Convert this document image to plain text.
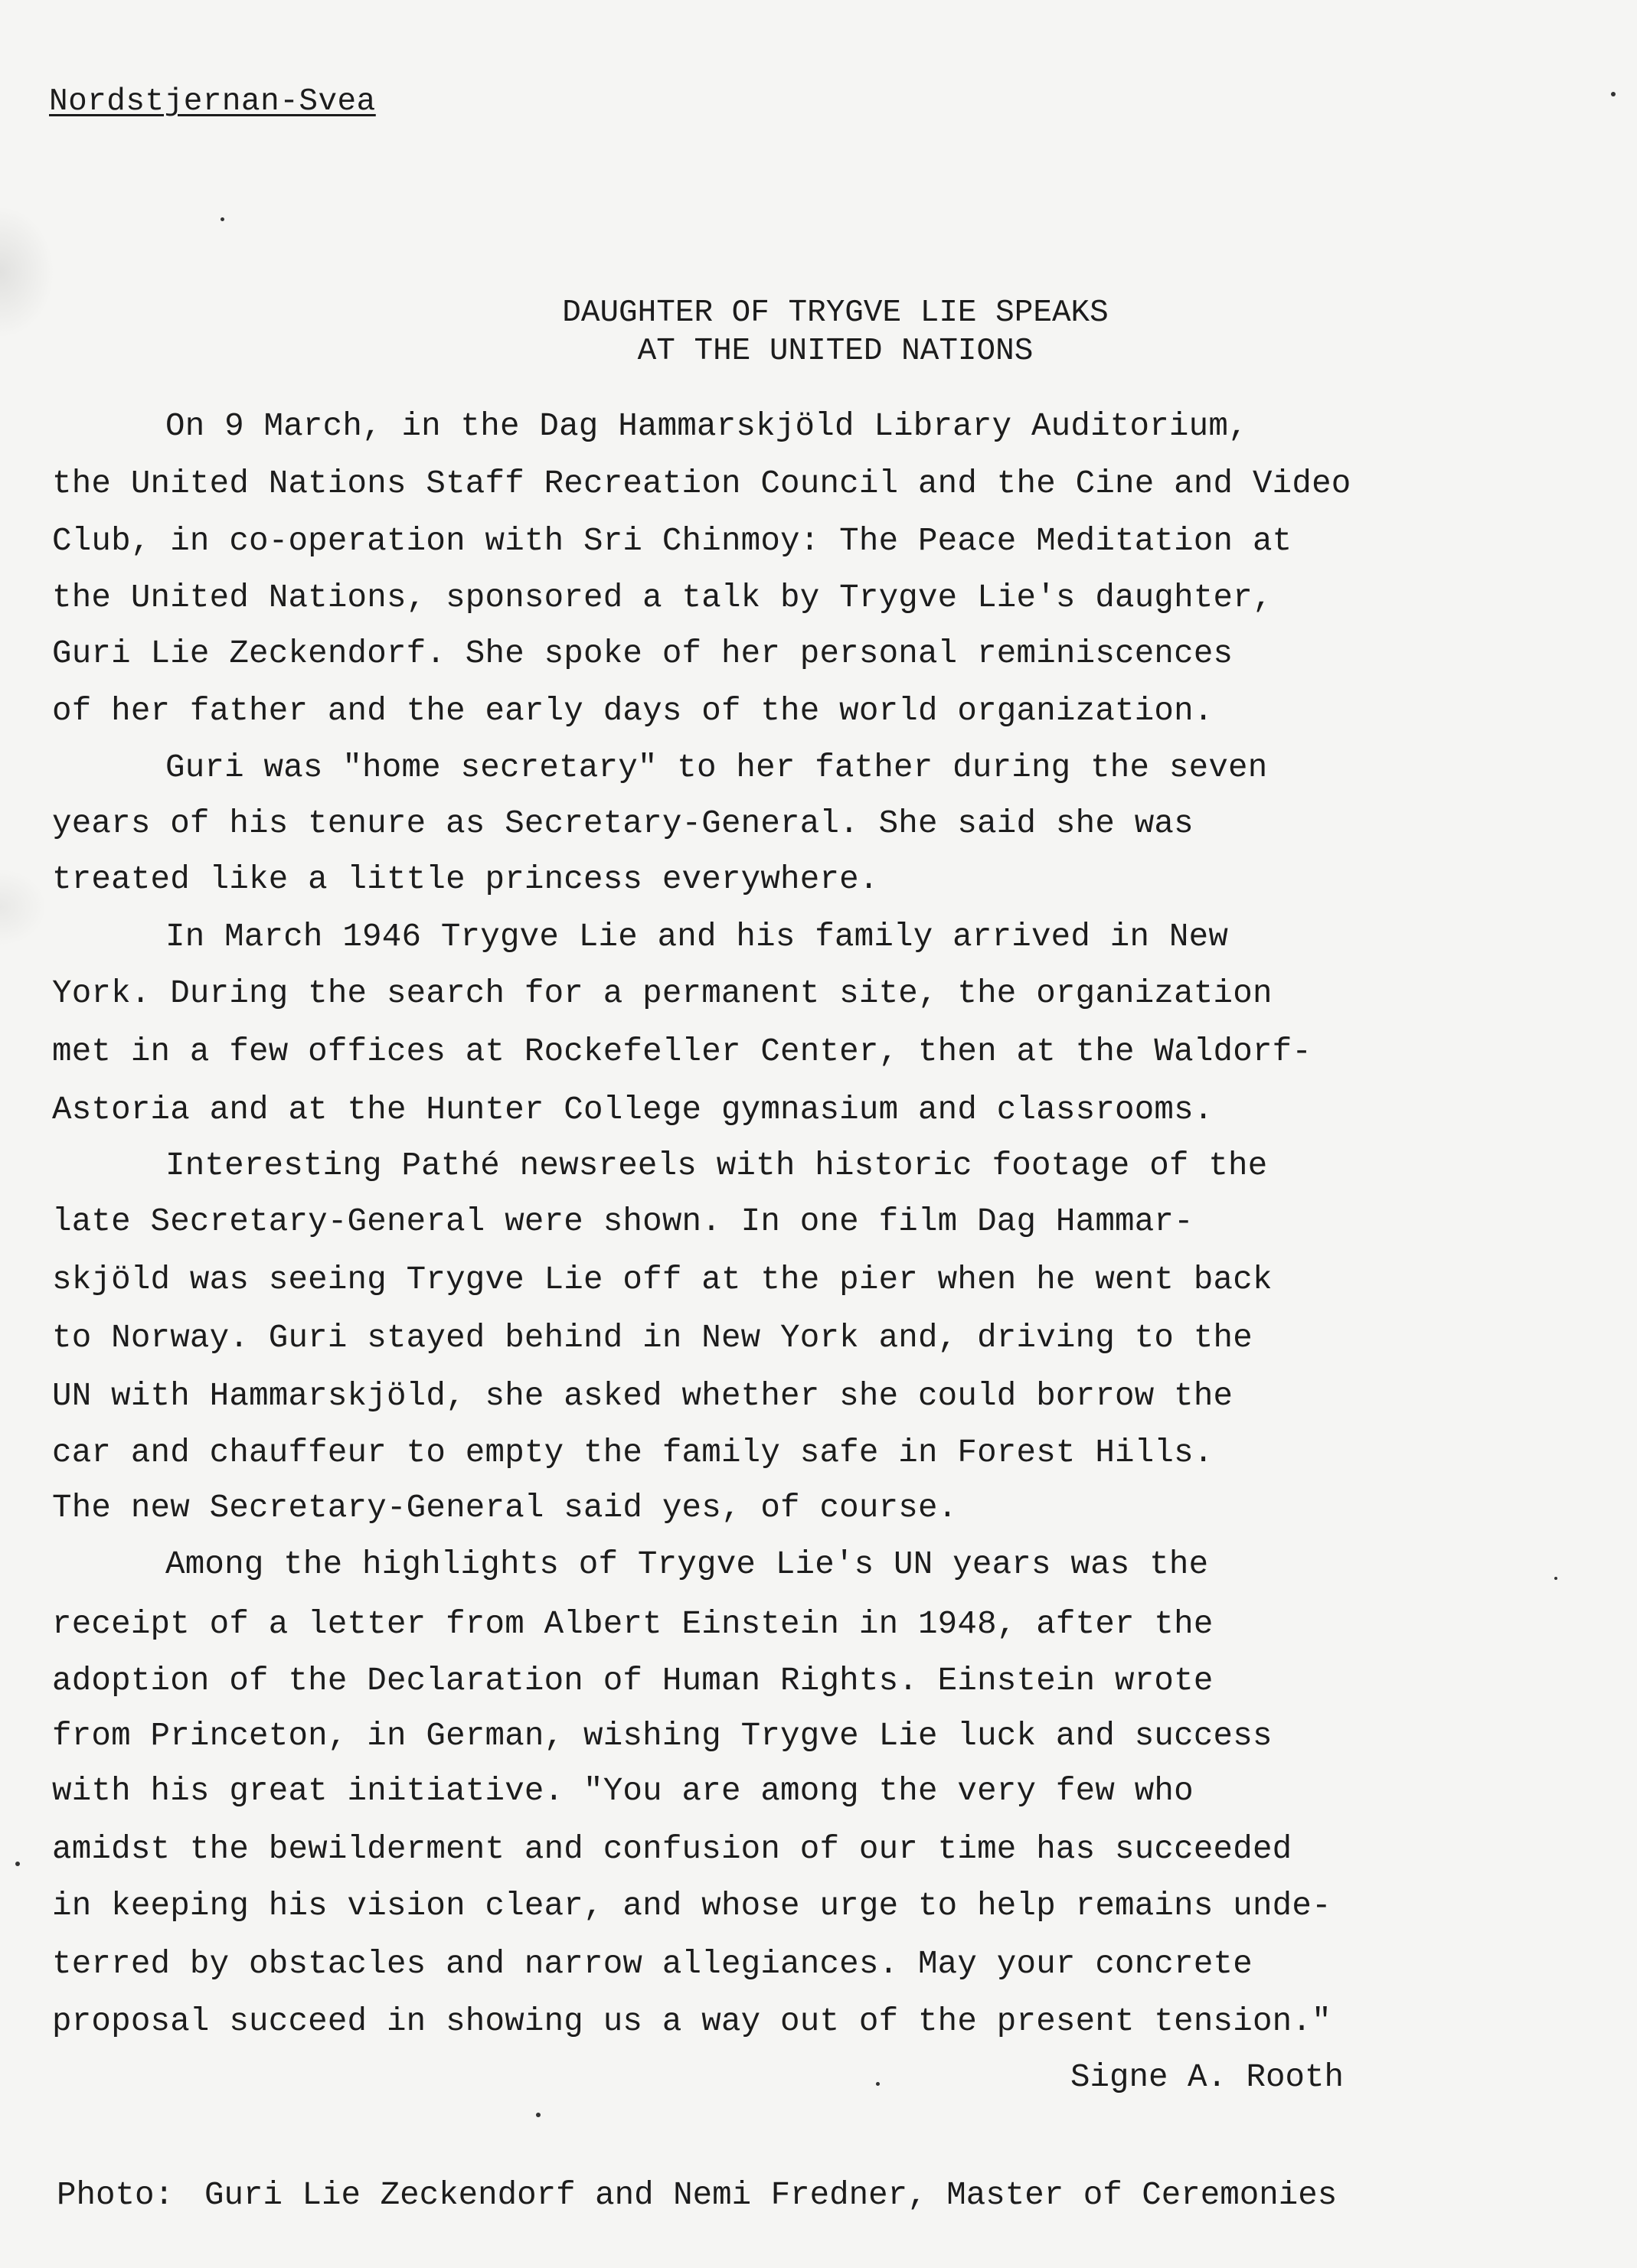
Nordstjernan-Svea
DAUGHTER OF TRYGVE LIE SPEAKS
AT THE UNITED NATIONS
On 9 March, in the Dag Hammarskjöld Library Auditorium,
the United Nations Staff Recreation Council and the Cine and Video
Club, in co-operation with Sri Chinmoy: The Peace Meditation at
the United Nations, sponsored a talk by Trygve Lie's daughter,
Guri Lie Zeckendorf. She spoke of her personal reminiscences
of her father and the early days of the world organization.
Guri was "home secretary" to her father during the seven
years of his tenure as Secretary-General. She said she was
treated like a little princess everywhere.
In March 1946 Trygve Lie and his family arrived in New
York. During the search for a permanent site, the organization
met in a few offices at Rockefeller Center, then at the Waldorf-
Astoria and at the Hunter College gymnasium and classrooms.
Interesting Pathé newsreels with historic footage of the
late Secretary-General were shown. In one film Dag Hammar-
skjöld was seeing Trygve Lie off at the pier when he went back
to Norway. Guri stayed behind in New York and, driving to the
UN with Hammarskjöld, she asked whether she could borrow the
car and chauffeur to empty the family safe in Forest Hills.
The new Secretary-General said yes, of course.
Among the highlights of Trygve Lie's UN years was the
receipt of a letter from Albert Einstein in 1948, after the
adoption of the Declaration of Human Rights. Einstein wrote
from Princeton, in German, wishing Trygve Lie luck and success
with his great initiative. "You are among the very few who
amidst the bewilderment and confusion of our time has succeeded
in keeping his vision clear, and whose urge to help remains unde-
terred by obstacles and narrow allegiances. May your concrete
proposal succeed in showing us a way out of the present tension."
Signe A. Rooth
Photo: Guri Lie Zeckendorf and Nemi Fredner, Master of Ceremonies
